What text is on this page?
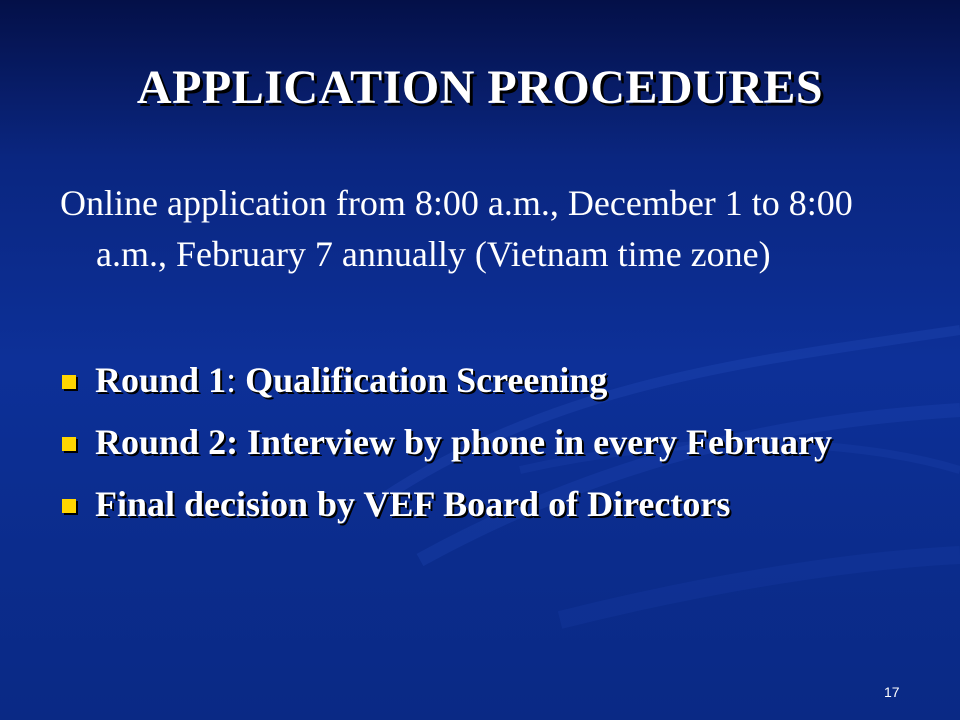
APPLICATION PROCEDURES
Online application from 8:00 a.m., December 1 to 8:00 a.m., February 7 annually (Vietnam time zone)
Round 1: Qualification Screening
Round 2: Interview by phone in every February
Final decision by VEF Board of Directors
17
